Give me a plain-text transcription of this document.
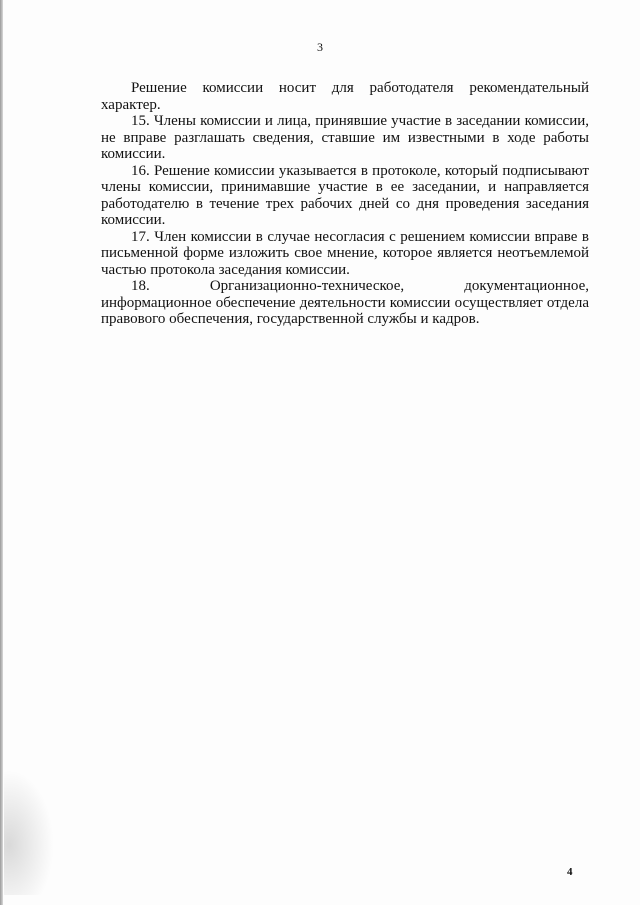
3

Решение комиссии носит для работодателя рекомендательный характер.

15. Члены комиссии и лица, принявшие участие в заседании комиссии, не вправе разглашать сведения, ставшие им известными в ходе работы комиссии.

16. Решение комиссии указывается в протоколе, который подписывают члены комиссии, принимавшие участие в ее заседании, и направляется работодателю в течение трех рабочих дней со дня проведения заседания комиссии.

17. Член комиссии в случае несогласия с решением комиссии вправе в письменной форме изложить свое мнение, которое является неотъемлемой частью протокола заседания комиссии.

18.	Организационно-техническое,	документационное,
информационное обеспечение деятельности комиссии осуществляет отдела правового обеспечения, государственной службы и кадров.
4
